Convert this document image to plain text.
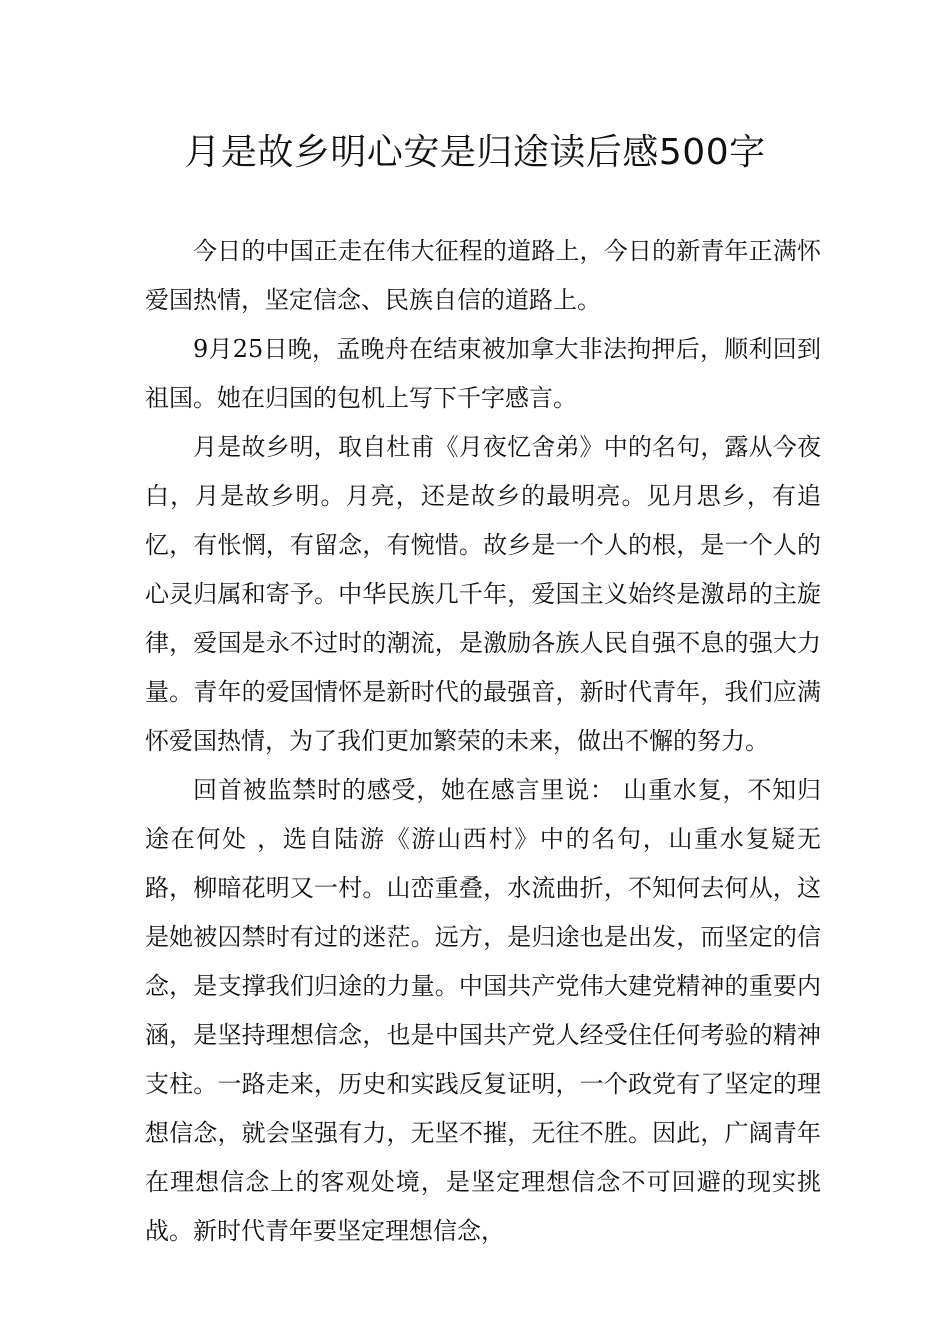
月是故乡明心安是归途读后感500字

今日的中国正走在伟大征程的道路上，今日的新青年正满怀爱国热情，坚定信念、民族自信的道路上。

9月25日晚，孟晚舟在结束被加拿大非法拘押后，顺利回到祖国。她在归国的包机上写下千字感言。

月是故乡明，取自杜甫《月夜忆舍弟》中的名句，露从今夜白，月是故乡明。月亮，还是故乡的最明亮。见月思乡，有追忆，有怅惘，有留念，有惋惜。故乡是一个人的根，是一个人的心灵归属和寄予。中华民族几千年，爱国主义始终是激昂的主旋律，爱国是永不过时的潮流，是激励各族人民自强不息的强大力量。青年的爱国情怀是新时代的最强音，新时代青年，我们应满怀爱国热情，为了我们更加繁荣的未来，做出不懈的努力。

回首被监禁时的感受，她在感言里说： 山重水复，不知归途在何处 ，选自陆游《游山西村》中的名句，山重水复疑无路，柳暗花明又一村。山峦重叠，水流曲折，不知何去何从，这是她被囚禁时有过的迷茫。远方，是归途也是出发，而坚定的信念，是支撑我们归途的力量。中国共产党伟大建党精神的重要内涵，是坚持理想信念，也是中国共产党人经受住任何考验的精神支柱。一路走来，历史和实践反复证明，一个政党有了坚定的理想信念，就会坚强有力，无坚不摧，无往不胜。因此，广阔青年在理想信念上的客观处境，是坚定理想信念不可回避的现实挑战。新时代青年要坚定理想信念，
